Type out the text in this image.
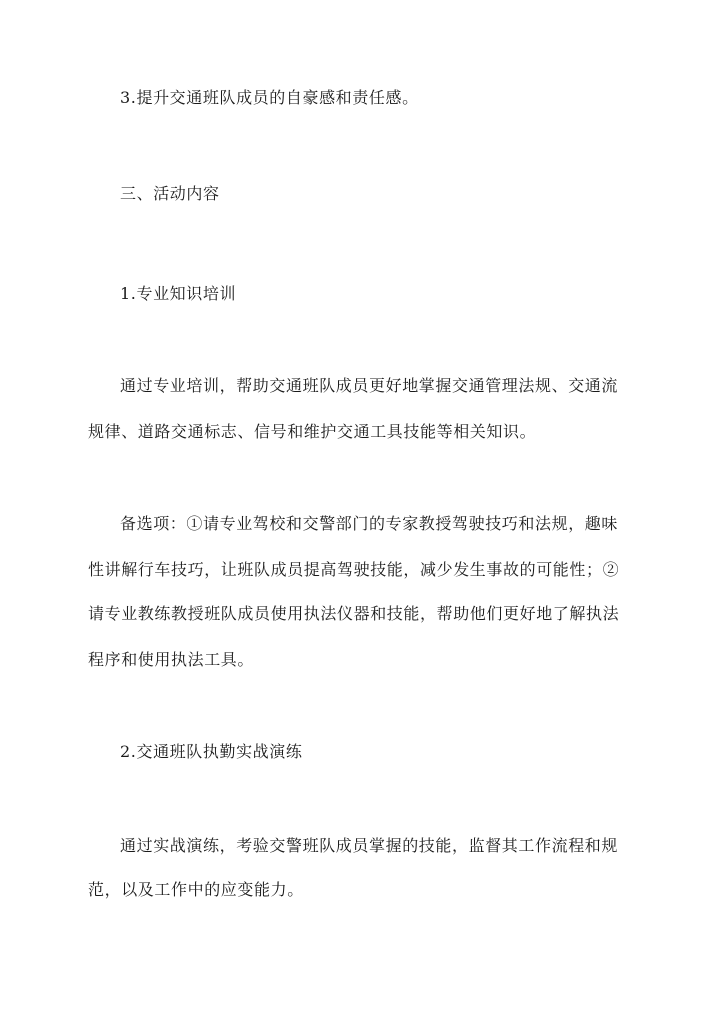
3.提升交通班队成员的自豪感和责任感。
三、活动内容
1.专业知识培训
通过专业培训，帮助交通班队成员更好地掌握交通管理法规、交通流
规律、道路交通标志、信号和维护交通工具技能等相关知识。
备选项：①请专业驾校和交警部门的专家教授驾驶技巧和法规，趣味
性讲解行车技巧，让班队成员提高驾驶技能，减少发生事故的可能性；②
请专业教练教授班队成员使用执法仪器和技能，帮助他们更好地了解执法
程序和使用执法工具。
2.交通班队执勤实战演练
通过实战演练，考验交警班队成员掌握的技能，监督其工作流程和规
范，以及工作中的应变能力。
